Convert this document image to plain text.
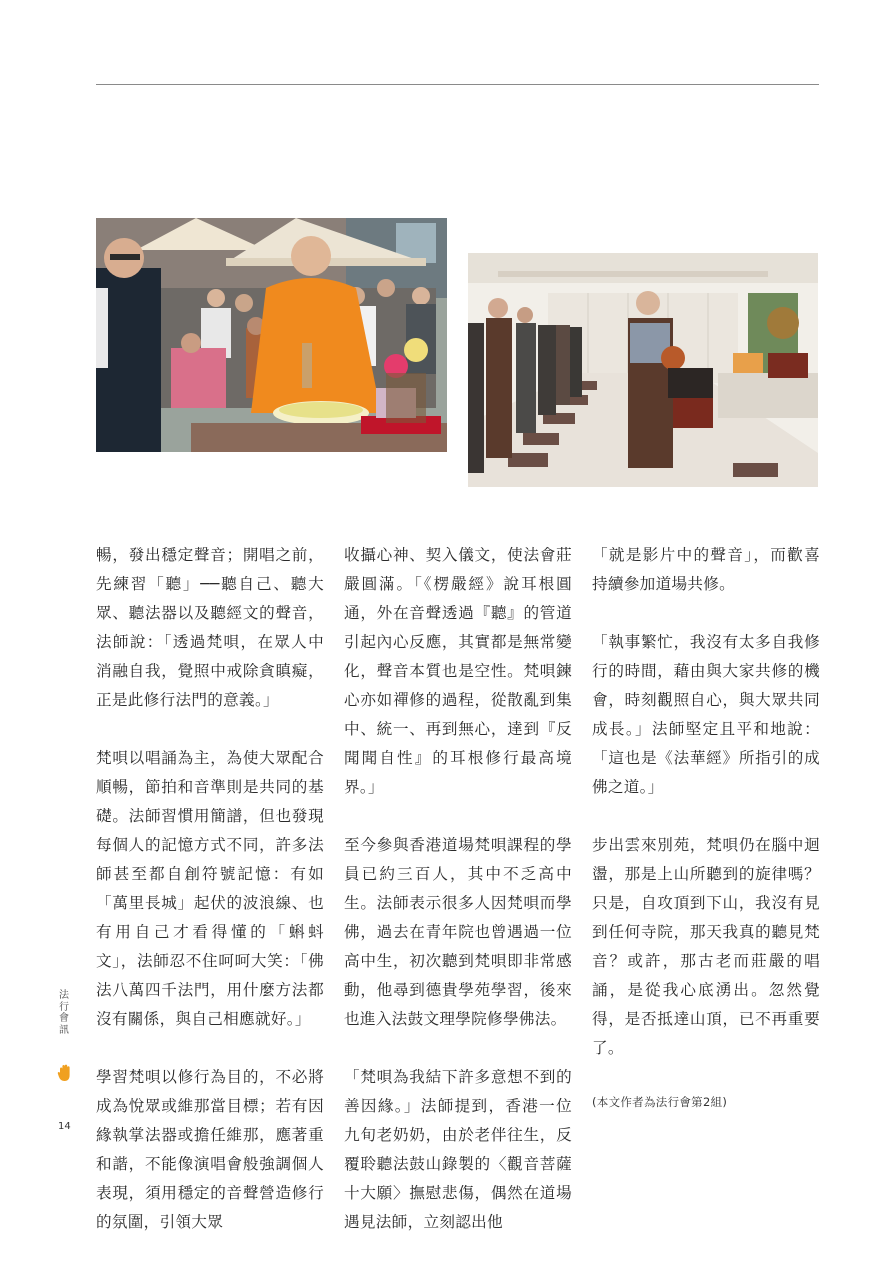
暢，發出穩定聲音；開唱之前，先練習「聽」──聽自己、聽大眾、聽法器以及聽經文的聲音，法師說：「透過梵唄，在眾人中消融自我，覺照中戒除貪瞋癡，正是此修行法門的意義。」

梵唄以唱誦為主，為使大眾配合順暢，節拍和音準則是共同的基礎。法師習慣用簡譜，但也發現每個人的記憶方式不同，許多法師甚至都自創符號記憶：有如「萬里長城」起伏的波浪線、也有用自己才看得懂的「蝌蚪文」，法師忍不住呵呵大笑：「佛法八萬四千法門，用什麼方法都沒有關係，與自己相應就好。」

學習梵唄以修行為目的，不必將成為悅眾或維那當目標；若有因緣執掌法器或擔任維那，應著重和諧，不能像演唱會般強調個人表現，須用穩定的音聲營造修行的氛圍，引領大眾

收攝心神、契入儀文，使法會莊嚴圓滿。「《楞嚴經》說耳根圓通，外在音聲透過『聽』的管道引起內心反應，其實都是無常變化，聲音本質也是空性。梵唄鍊心亦如禪修的過程，從散亂到集中、統一、再到無心，達到『反聞聞自性』的耳根修行最高境界。」

至今參與香港道場梵唄課程的學員已約三百人，其中不乏高中生。法師表示很多人因梵唄而學佛，過去在青年院也曾遇過一位高中生，初次聽到梵唄即非常感動，他尋到德貴學苑學習，後來也進入法鼓文理學院修學佛法。

「梵唄為我結下許多意想不到的善因緣。」法師提到，香港一位九旬老奶奶，由於老伴往生，反覆聆聽法鼓山錄製的〈觀音菩薩十大願〉撫慰悲傷，偶然在道場遇見法師，立刻認出他

「就是影片中的聲音」，而歡喜持續參加道場共修。

「執事繁忙，我沒有太多自我修行的時間，藉由與大家共修的機會，時刻觀照自心，與大眾共同成長。」法師堅定且平和地說：「這也是《法華經》所指引的成佛之道。」

步出雲來別苑，梵唄仍在腦中迴盪，那是上山所聽到的旋律嗎？只是，自攻頂到下山，我沒有見到任何寺院，那天我真的聽見梵音？或許，那古老而莊嚴的唱誦，是從我心底湧出。忽然覺得，是否抵達山頂，已不再重要了。

(本文作者為法行會第2組)
法
行
會
訊
14
